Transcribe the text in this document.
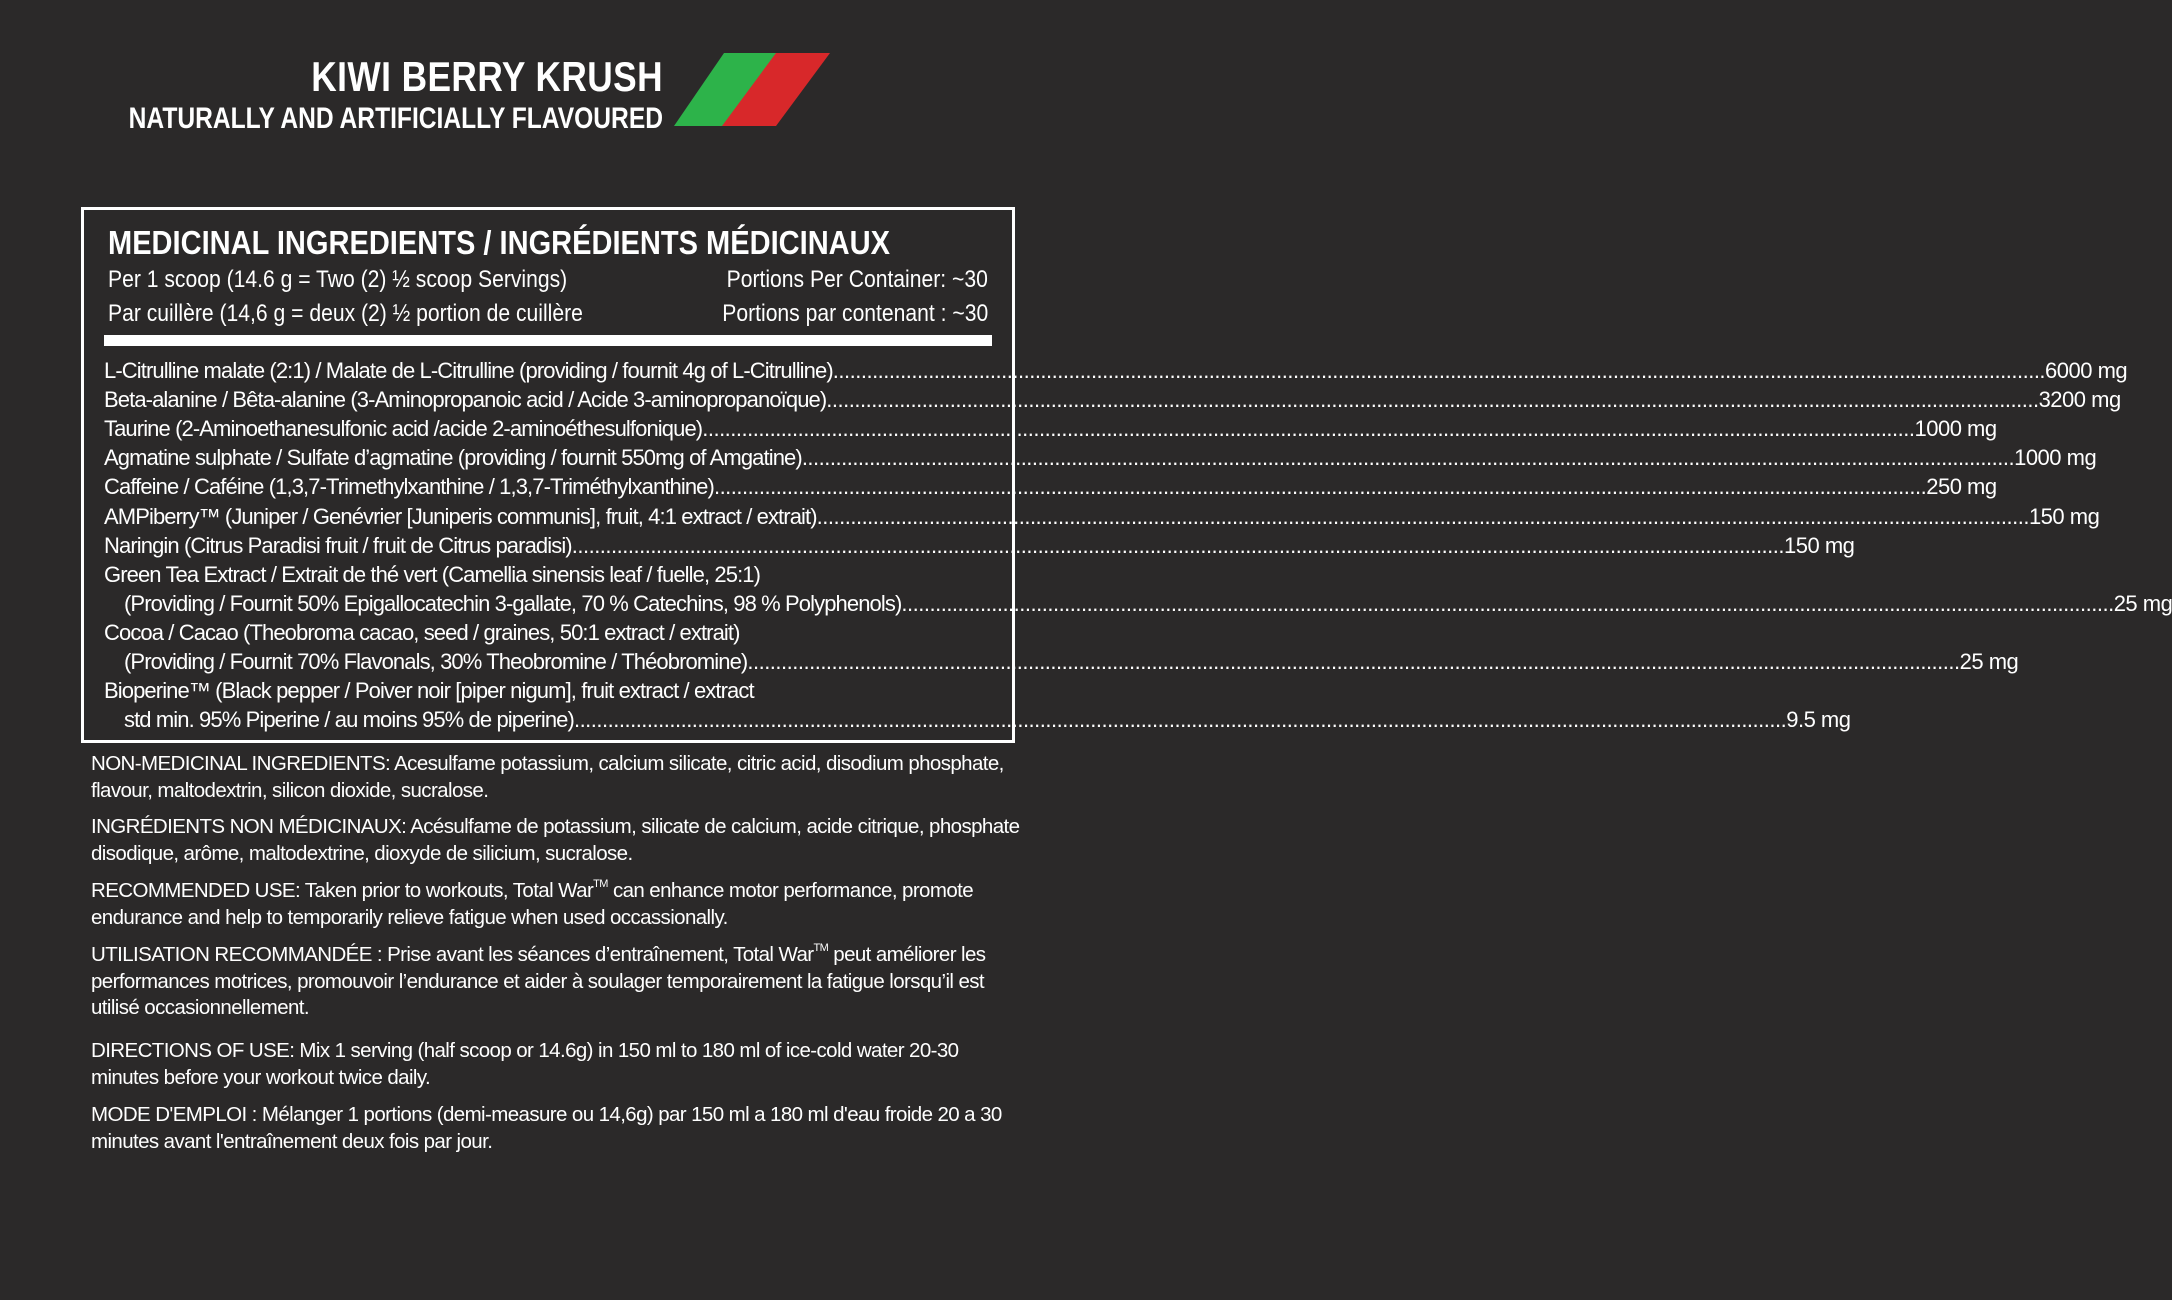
KIWI BERRY KRUSH
NATURALLY AND ARTIFICIALLY FLAVOURED
MEDICINAL INGREDIENTS / INGRÉDIENTS MÉDICINAUX
Per 1 scoop (14.6 g = Two (2) ½ scoop Servings)	Portions Per Container: ~30
Par cuillère (14,6 g = deux (2) ½ portion de cuillère	Portions par contenant : ~30
L-Citrulline malate (2:1) / Malate de L-Citrulline (providing / fournit 4g of L-Citrulline) .....	6000 mg
Beta-alanine / Bêta-alanine (3-Aminopropanoic acid / Acide 3-aminopropanoïque) .....	3200 mg
Taurine (2-Aminoethanesulfonic acid /acide 2-aminoéthesulfonique) .....	1000 mg
Agmatine sulphate / Sulfate d’agmatine (providing / fournit 550mg of Amgatine) .....	1000 mg
Caffeine / Caféine (1,3,7-Trimethylxanthine / 1,3,7-Triméthylxanthine) .....	250 mg
AMPiberry™ (Juniper / Genévrier [Juniperis communis], fruit, 4:1 extract / extrait) .....	150 mg
Naringin (Citrus Paradisi fruit / fruit de Citrus paradisi) .....	150 mg
Green Tea Extract / Extrait de thé vert (Camellia sinensis leaf / fuelle, 25:1)
(Providing / Fournit 50% Epigallocatechin 3-gallate, 70 % Catechins, 98 % Polyphenols) .....	25 mg
Cocoa / Cacao (Theobroma cacao, seed / graines, 50:1 extract / extrait)
(Providing / Fournit 70% Flavonals, 30% Theobromine / Théobromine) .....	25 mg
Bioperine™ (Black pepper / Poiver noir [piper nigum], fruit extract / extract
std min. 95% Piperine / au moins 95% de piperine) .....	9.5 mg
NON-MEDICINAL INGREDIENTS: Acesulfame potassium, calcium silicate, citric acid, disodium phosphate, flavour, maltodextrin, silicon dioxide, sucralose.
INGRÉDIENTS NON MÉDICINAUX: Acésulfame de potassium, silicate de calcium, acide citrique, phosphate disodique, arôme, maltodextrine, dioxyde de silicium, sucralose.
RECOMMENDED USE: Taken prior to workouts, Total War™ can enhance motor performance, promote endurance and help to temporarily relieve fatigue when used occassionally.
UTILISATION RECOMMANDÉE : Prise avant les séances d’entraînement, Total War™ peut améliorer les performances motrices, promouvoir l’endurance et aider à soulager temporairement la fatigue lorsqu’il est utilisé occasionnellement.
DIRECTIONS OF USE: Mix 1 serving (half scoop or 14.6g) in 150 ml to 180 ml of ice-cold water 20-30 minutes before your workout twice daily.
MODE D'EMPLOI : Mélanger 1 portions (demi-measure ou 14,6g) par 150 ml a 180 ml d'eau froide 20 a 30 minutes avant l'entraînement deux fois par jour.
